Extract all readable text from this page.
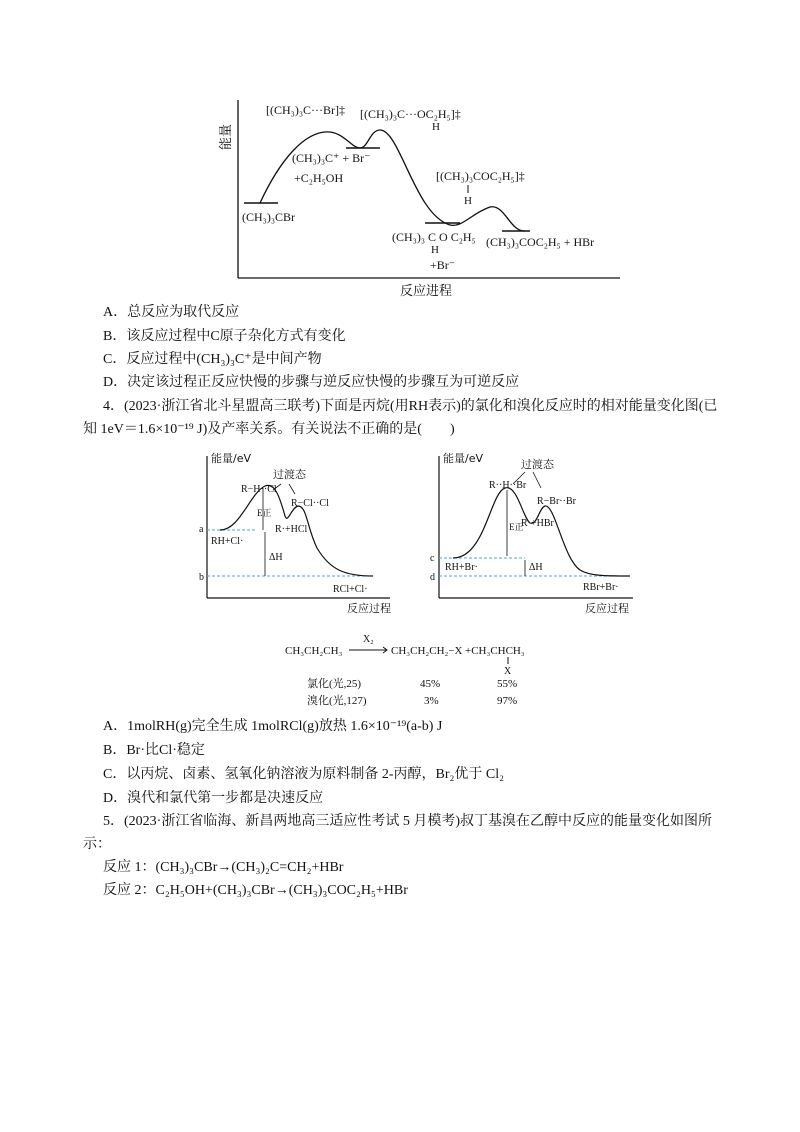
能量
反应进程
[(CH₃)₃C···Br]‡ [(CH₃)₃C···OC₂H₅]‡
H
(CH₃)₃CBr
(CH₃)₃C⁺ + Br⁻
+C₂H₅OH	[(CH₃)₃COC₂H₅]‡
H
(CH₃)₃ C O C₂H₅
H
+Br⁻
(CH₃)₃COC₂H₅ + HBr
A．总反应为取代反应
B．该反应过程中C原子杂化方式有变化
C．反应过程中(CH₃)₃C⁺是中间产物
D．决定该过程正反应快慢的步骤与逆反应快慢的步骤互为可逆反应
4．(2023·浙江省北斗星盟高三联考)下面是丙烷(用RH表示)的氯化和溴化反应时的相对能量变化图(已
知 1eV＝1.6×10⁻¹⁹ J)及产率关系。有关说法不正确的是(　　)
能量/eV
过渡态
R−H··Cl
R−Cl··Cl
E正
R·+HCl
a
RH+Cl·
ΔH
b
RCl+Cl·
反应过程
能量/eV	过渡态
R··H··Br
R−Br··Br
E正
R·+HBr
c
RH+Br·	ΔH
d
RBr+Br·
反应过程
CH₃CH₂CH₃
X₂
CH₃CH₂CH₂−X +CH₃CHCH₃
X
氯化(光,25)	45%	55%
溴化(光,127)	3%	97%
A．1molRH(g)完全生成 1molRCl(g)放热 1.6×10⁻¹⁹(a-b) J
B．Br·比Cl·稳定
C．以丙烷、卤素、氢氧化钠溶液为原料制备 2-丙醇，Br₂优于 Cl₂
D．溴代和氯代第一步都是决速反应
5．(2023·浙江省临海、新昌两地高三适应性考试 5 月模考)叔丁基溴在乙醇中反应的能量变化如图所
示：
反应 1：(CH₃)₃CBr→(CH₃)₂C=CH₂+HBr
反应 2：C₂H₅OH+(CH₃)₃CBr→(CH₃)₃COC₂H₅+HBr
